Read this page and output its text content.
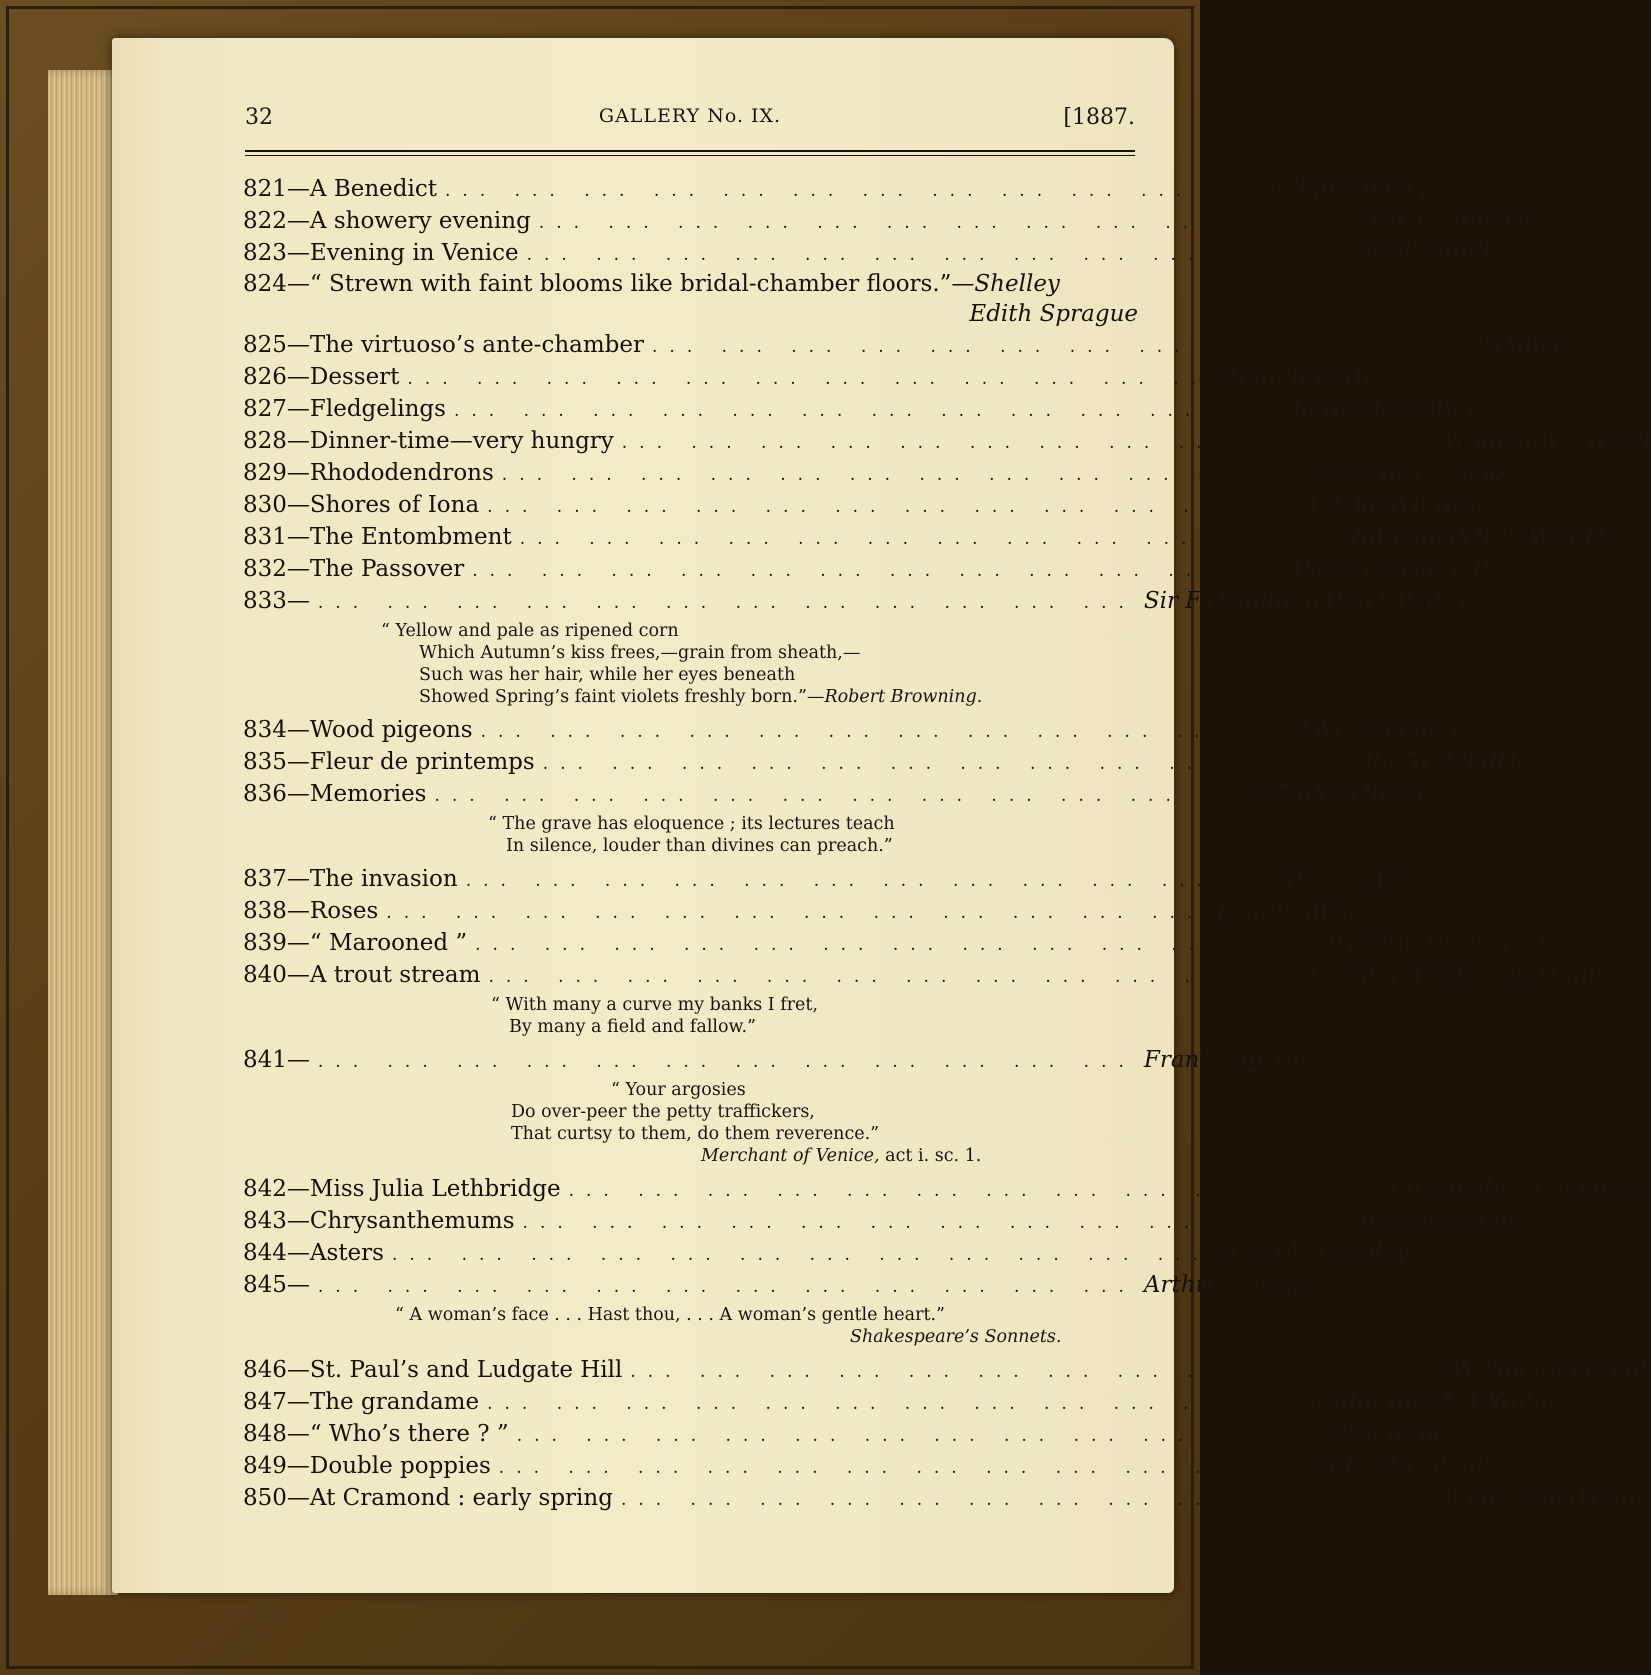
32	GALLERY No. IX.	[1887.
821— A Benedict ... ... ... ... ... ... ... ... ... ... ... ... Edgar Bundy
822— A showery evening ... ... ... ... ... ... ... ... ... ... ... ... Patrick Downie
823— Evening in Venice ... ... ... ... ... ... ... ... ... ... ... ... Frank Hind
824—“ Strewn with faint blooms like bridal-chamber floors.”—Shelley
Edith Sprague
825— The virtuoso’s ante-chamber ... ... ... ... ... ... ... ... ... ... ... ... J. Palmer
826— Dessert ... ... ... ... ... ... ... ... ... ... ... ... Ralph Pratt
827— Fledgelings ... ... ... ... ... ... ... ... ... ... ... ... Charles Rossiter
828— Dinner-time—very hungry ... ... ... ... ... ... ... ... ... ... ... ... William H. Trood
829— Rhododendrons ... ... ... ... ... ... ... ... ... ... ... ... George F. Cook
830— Shores of Iona ... ... ... ... ... ... ... ... ... ... ... ... J. Mac Whirter, A.
831— The Entombment ... ... ... ... ... ... ... ... ... ... ... ... Nathaniel H. J. Westlake
832— The Passover ... ... ... ... ... ... ... ... ... ... ... ... Pepys Cockerell
833— ... ... ... ... ... ... ... ... ... ... ... ... Sir F. Leighton, Bart., P.R.A.
“ Yellow and pale as ripened corn
Which Autumn’s kiss frees,—grain from sheath,—
Such was her hair, while her eyes beneath
Showed Spring’s faint violets freshly born.”—Robert Browning.
834— Wood pigeons ... ... ... ... ... ... ... ... ... ... ... ... W. G. Sanders
835— Fleur de printemps ... ... ... ... ... ... ... ... ... ... ... ... Pierre Mallet
836— Memories ... ... ... ... ... ... ... ... ... ... ... ... Fred D. Howse
“ The grave has eloquence ; its lectures teach
In silence, louder than divines can preach.”
837— The invasion ... ... ... ... ... ... ... ... ... ... ... ... R. Savage
838— Roses ... ... ... ... ... ... ... ... ... ... ... ... Jean Benner
839— “ Marooned ” ... ... ... ... ... ... ... ... ... ... ... ... Edward J. Gregory, A.
840— A trout stream ... ... ... ... ... ... ... ... ... ... ... ... Leonard Fosbrooke, junr.
“ With many a curve my banks I fret,
By many a field and fallow.”
841— ... ... ... ... ... ... ... ... ... ... ... ... Frank Murray
“ Your argosies
Do over-peer the petty traffickers,
That curtsy to them, do them reverence.”
Merchant of Venice, act i. sc. 1.
842— Miss Julia Lethbridge ... ... ... ... ... ... ... ... ... ... ... ... Elizabeth S. Guinness
843— Chrysanthemums ... ... ... ... ... ... ... ... ... ... ... ... Florence White
844— Asters ... ... ... ... ... ... ... ... ... ... ... ... Alice M. Woolley
845— ... ... ... ... ... ... ... ... ... ... ... ... Arthur S. Cope
“ A woman’s face . . . Hast thou, . . . A woman’s gentle heart.”
Shakespeare’s Sonnets.
846— St. Paul’s and Ludgate Hill ... ... ... ... ... ... ... ... ... ... ... ... William Logsdail
847— The grandame ... ... ... ... ... ... ... ... ... ... ... ... Catherine M. Wright
848— “ Who’s there ? ” ... ... ... ... ... ... ... ... ... ... ... ... Fred Roe
849— Double poppies ... ... ... ... ... ... ... ... ... ... ... ... Mary Rischgitz
850— At Cramond : early spring ... ... ... ... ... ... ... ... ... ... ... ... James Faed, junr.
